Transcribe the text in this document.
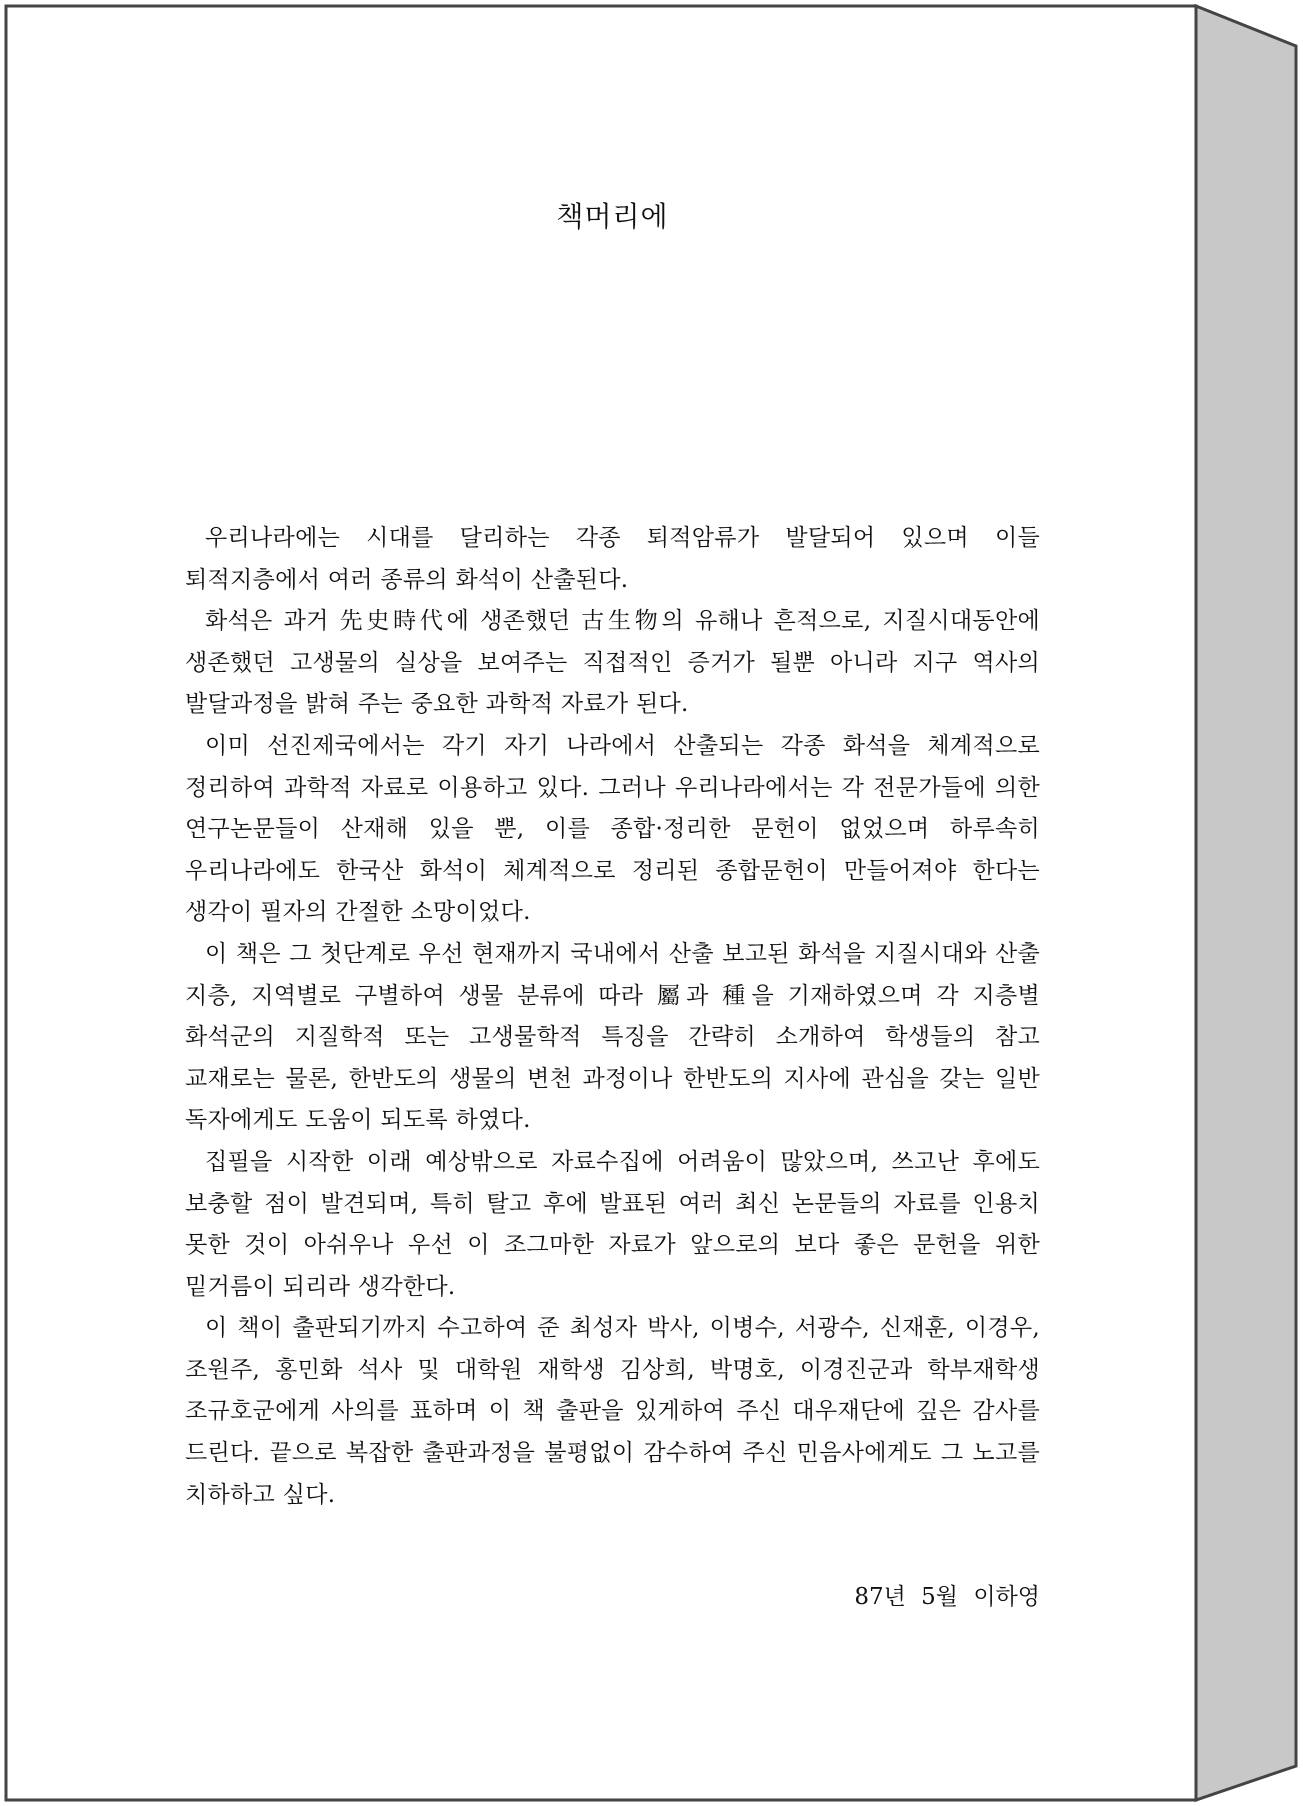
책머리에

우리나라에는 시대를 달리하는 각종 퇴적암류가 발달되어 있으며 이들 퇴적지층에서 여러 종류의 화석이 산출된다.

화석은 과거 先史時代에 생존했던 古生物의 유해나 흔적으로, 지질시대동안에 생존했던 고생물의 실상을 보여주는 직접적인 증거가 될뿐 아니라 지구 역사의 발달과정을 밝혀 주는 중요한 과학적 자료가 된다.

이미 선진제국에서는 각기 자기 나라에서 산출되는 각종 화석을 체계적으로 정리하여 과학적 자료로 이용하고 있다. 그러나 우리나라에서는 각 전문가들에 의한 연구논문들이 산재해 있을 뿐, 이를 종합·정리한 문헌이 없었으며 하루속히 우리나라에도 한국산 화석이 체계적으로 정리된 종합문헌이 만들어져야 한다는 생각이 필자의 간절한 소망이었다.

이 책은 그 첫단계로 우선 현재까지 국내에서 산출 보고된 화석을 지질시대와 산출 지층, 지역별로 구별하여 생물 분류에 따라 屬과 種을 기재하였으며 각 지층별 화석군의 지질학적 또는 고생물학적 특징을 간략히 소개하여 학생들의 참고 교재로는 물론, 한반도의 생물의 변천 과정이나 한반도의 지사에 관심을 갖는 일반 독자에게도 도움이 되도록 하였다.

집필을 시작한 이래 예상밖으로 자료수집에 어려움이 많았으며, 쓰고난 후에도 보충할 점이 발견되며, 특히 탈고 후에 발표된 여러 최신 논문들의 자료를 인용치 못한 것이 아쉬우나 우선 이 조그마한 자료가 앞으로의 보다 좋은 문헌을 위한 밑거름이 되리라 생각한다.

이 책이 출판되기까지 수고하여 준 최성자 박사, 이병수, 서광수, 신재훈, 이경우, 조원주, 홍민화 석사 및 대학원 재학생 김상희, 박명호, 이경진군과 학부재학생 조규호군에게 사의를 표하며 이 책 출판을 있게하여 주신 대우재단에 깊은 감사를 드린다. 끝으로 복잡한 출판과정을 불평없이 감수하여 주신 민음사에게도 그 노고를 치하하고 싶다.

87년 5월 이하영
